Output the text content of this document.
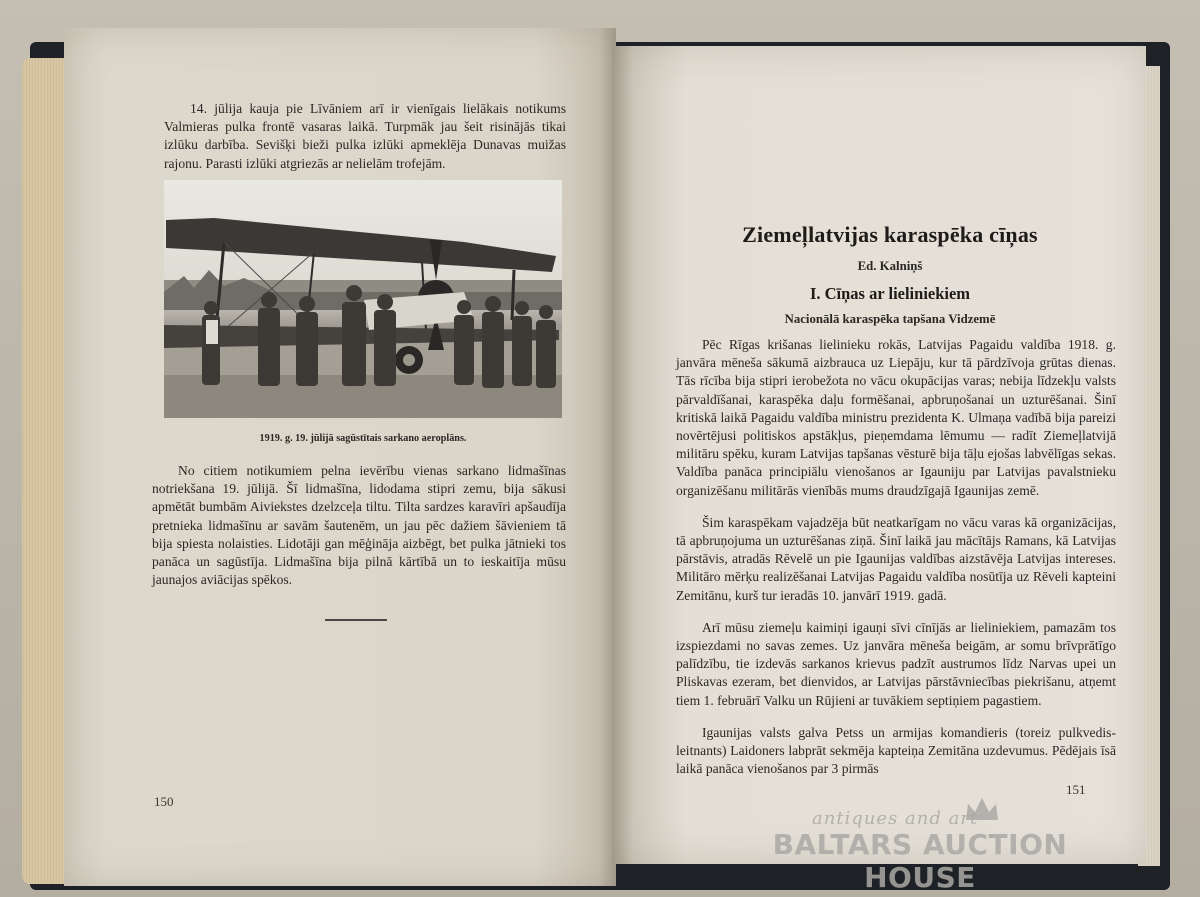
14. jūlija kauja pie Līvāniem arī ir vienīgais lielākais notikums Valmieras pulka frontē vasaras laikā. Turpmāk jau šeit risinājās tikai izlūku darbība. Sevišķi bieži pulka izlūki apmeklēja Dunavas muižas rajonu. Parasti izlūki atgriezās ar nelielām trofejām.

1919. g. 19. jūlijā sagūstītais sarkano aeroplāns.

No citiem notikumiem pelna ievērību vienas sarkano lidmašīnas notriekšana 19. jūlijā. Šī lidmašīna, lidodama stipri zemu, bija sākusi apmētāt bumbām Aiviekstes dzelzceļa tiltu. Tilta sardzes karavīri apšaudīja pretnieka lidmašīnu ar savām šautenēm, un jau pēc dažiem šāvieniem tā bija spiesta nolaisties. Lidotāji gan mēģināja aizbēgt, bet pulka jātnieki tos panāca un sagūstīja. Lidmašīna bija pilnā kārtībā un to ieskaitīja mūsu jaunajos aviācijas spēkos.

150
Ziemeļlatvijas karaspēka cīņas
Ed. Kalniņš
I. Cīņas ar lieliniekiem
Nacionālā karaspēka tapšana Vidzemē

Pēc Rīgas krišanas lielinieku rokās, Latvijas Pagaidu valdība 1918. g. janvāra mēneša sākumā aizbrauca uz Liepāju, kur tā pārdzīvoja grūtas dienas. Tās rīcība bija stipri ierobežota no vācu okupācijas varas; nebija līdzekļu valsts pārvaldīšanai, karaspēka daļu formēšanai, apbruņošanai un uzturēšanai. Šinī kritiskā laikā Pagaidu valdība ministru prezidenta K. Ulmaņa vadībā bija pareizi novērtējusi politiskos apstākļus, pieņemdama lēmumu — radīt Ziemeļlatvijā militāru spēku, kuram Latvijas tapšanas vēsturē bija tāļu ejošas labvēlīgas sekas. Valdība panāca principiālu vienošanos ar Igauniju par Latvijas pavalstnieku organizēšanu militārās vienībās mums draudzīgajā Igaunijas zemē.

Šim karaspēkam vajadzēja būt neatkarīgam no vācu varas kā organizācijas, tā apbruņojuma un uzturēšanas ziņā. Šinī laikā jau mācītājs Ramans, kā Latvijas pārstāvis, atradās Rēvelē un pie Igaunijas valdības aizstāvēja Latvijas intereses. Militāro mērķu realizēšanai Latvijas Pagaidu valdība nosūtīja uz Rēveli kapteini Zemitānu, kurš tur ieradās 10. janvārī 1919. gadā.

Arī mūsu ziemeļu kaimiņi igauņi sīvi cīnījās ar lieliniekiem, pamazām tos izspiezdami no savas zemes. Uz janvāra mēneša beigām, ar somu brīvprātīgo palīdzību, tie izdevās sarkanos krievus padzīt austrumos līdz Narvas upei un Pliskavas ezeram, bet dienvidos, ar Latvijas pārstāvniecības piekrišanu, atņemt tiem 1. februārī Valku un Rūjieni ar tuvākiem septiņiem pagastiem.

Igaunijas valsts galva Petss un armijas komandieris (toreiz pulkvedis-leitnants) Laidoners labprāt sekmēja kapteiņa Zemitāna uzdevumus. Pēdējais īsā laikā panāca vienošanos par 3 pirmās

151
antiques and art
BALTARS AUCTION HOUSE
